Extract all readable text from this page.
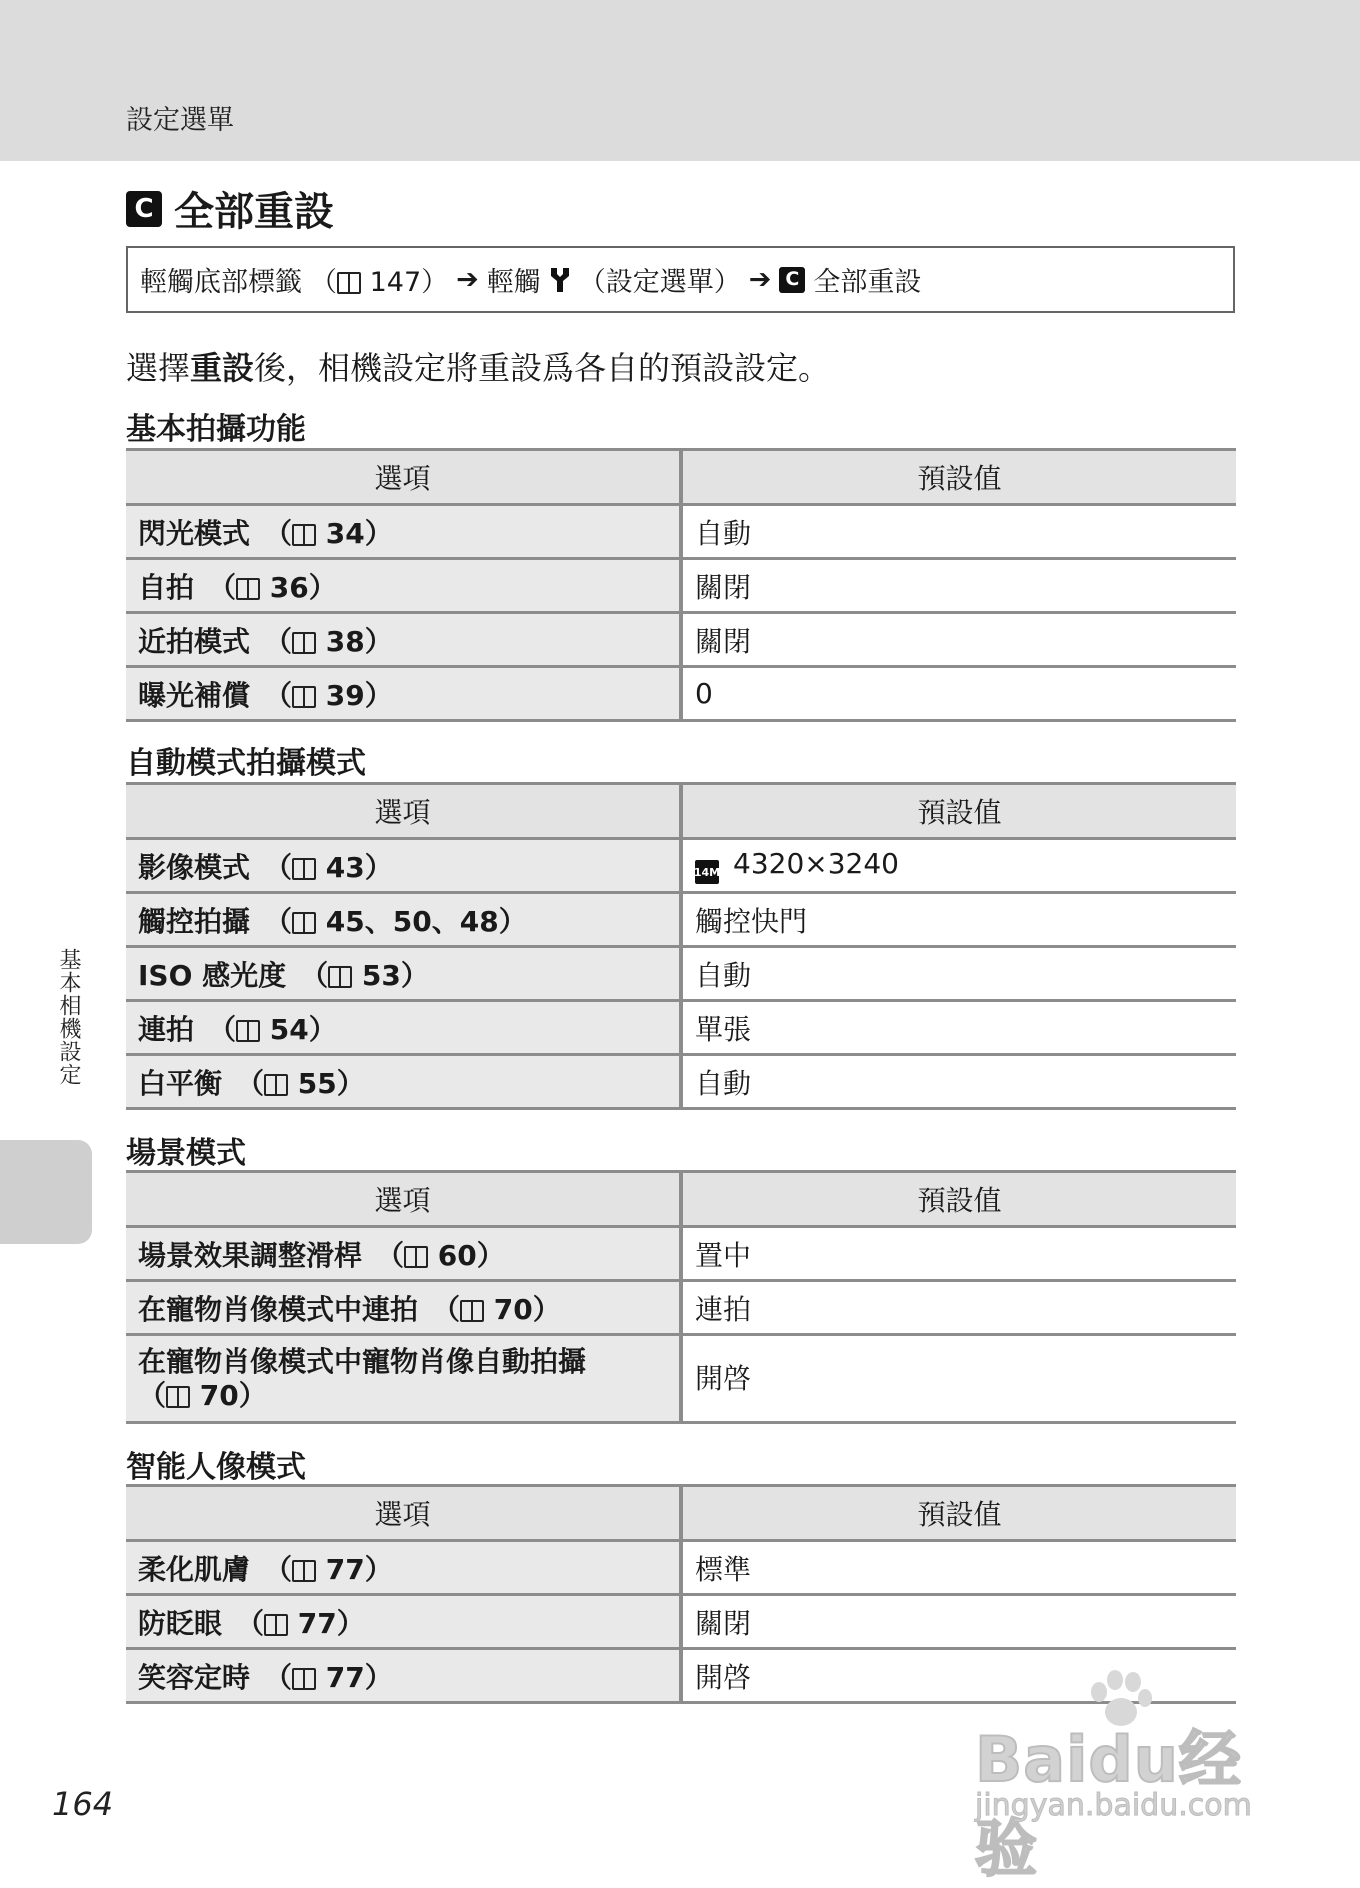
設定選單
C 全部重設
輕觸底部標籤 （ 147） ➔ 輕觸 （設定選單） ➔ C 全部重設
選擇重設後，相機設定將重設爲各自的預設設定。
基本拍攝功能
選項	預設值
閃光模式　（ 34）	自動
自拍　（ 36）	關閉
近拍模式　（ 38）	關閉
曝光補償　（ 39）	0
自動模式拍攝模式
選項	預設值
影像模式　（ 43）	14M 4320×3240
觸控拍攝　（ 45、50、48）	觸控快門
ISO 感光度　（ 53）	自動
連拍　（ 54）	單張
白平衡　（ 55）	自動
場景模式
選項	預設值
場景效果調整滑桿　（ 60）	置中
在寵物肖像模式中連拍　（ 70）	連拍
在寵物肖像模式中寵物肖像自動拍攝
（ 70）	開啓
智能人像模式
選項	預設值
柔化肌膚　（ 77）	標準
防眨眼　（ 77）	關閉
笑容定時　（ 77）	開啓
基本相機設定
164
Baidu经验
jingyan.baidu.com
